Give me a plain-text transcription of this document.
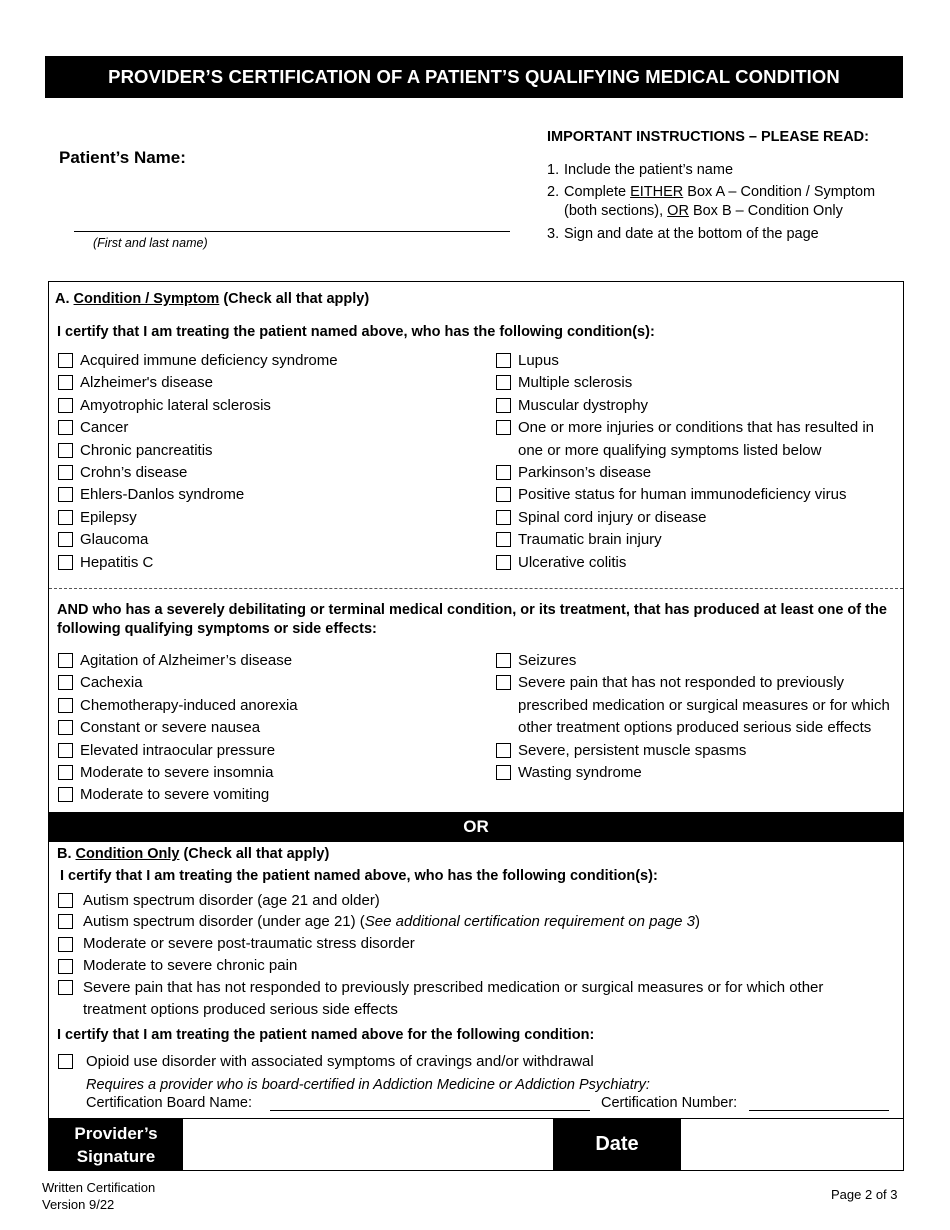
PROVIDER’S CERTIFICATION OF A PATIENT’S QUALIFYING MEDICAL CONDITION
Patient’s Name:
(First and last name)
IMPORTANT INSTRUCTIONS – PLEASE READ:
1. Include the patient’s name
2. Complete EITHER Box A – Condition / Symptom (both sections), OR Box B – Condition Only
3. Sign and date at the bottom of the page
A. Condition / Symptom (Check all that apply)
I certify that I am treating the patient named above, who has the following condition(s):
Acquired immune deficiency syndrome
Alzheimer's disease
Amyotrophic lateral sclerosis
Cancer
Chronic pancreatitis
Crohn’s disease
Ehlers-Danlos syndrome
Epilepsy
Glaucoma
Hepatitis C
Lupus
Multiple sclerosis
Muscular dystrophy
One or more injuries or conditions that has resulted in one or more qualifying symptoms listed below
Parkinson’s disease
Positive status for human immunodeficiency virus
Spinal cord injury or disease
Traumatic brain injury
Ulcerative colitis
AND who has a severely debilitating or terminal medical condition, or its treatment, that has produced at least one of the following qualifying symptoms or side effects:
Agitation of Alzheimer’s disease
Cachexia
Chemotherapy-induced anorexia
Constant or severe nausea
Elevated intraocular pressure
Moderate to severe insomnia
Moderate to severe vomiting
Seizures
Severe pain that has not responded to previously prescribed medication or surgical measures or for which other treatment options produced serious side effects
Severe, persistent muscle spasms
Wasting syndrome
OR
B. Condition Only (Check all that apply)
I certify that I am treating the patient named above, who has the following condition(s):
Autism spectrum disorder (age 21 and older)
Autism spectrum disorder (under age 21) (See additional certification requirement on page 3)
Moderate or severe post-traumatic stress disorder
Moderate to severe chronic pain
Severe pain that has not responded to previously prescribed medication or surgical measures or for which other treatment options produced serious side effects
I certify that I am treating the patient named above for the following condition:
Opioid use disorder with associated symptoms of cravings and/or withdrawal
Requires a provider who is board-certified in Addiction Medicine or Addiction Psychiatry:
Certification Board Name:	Certification Number:
Provider’s
Signature
Date
Written Certification
Version 9/22
Page 2 of 3
